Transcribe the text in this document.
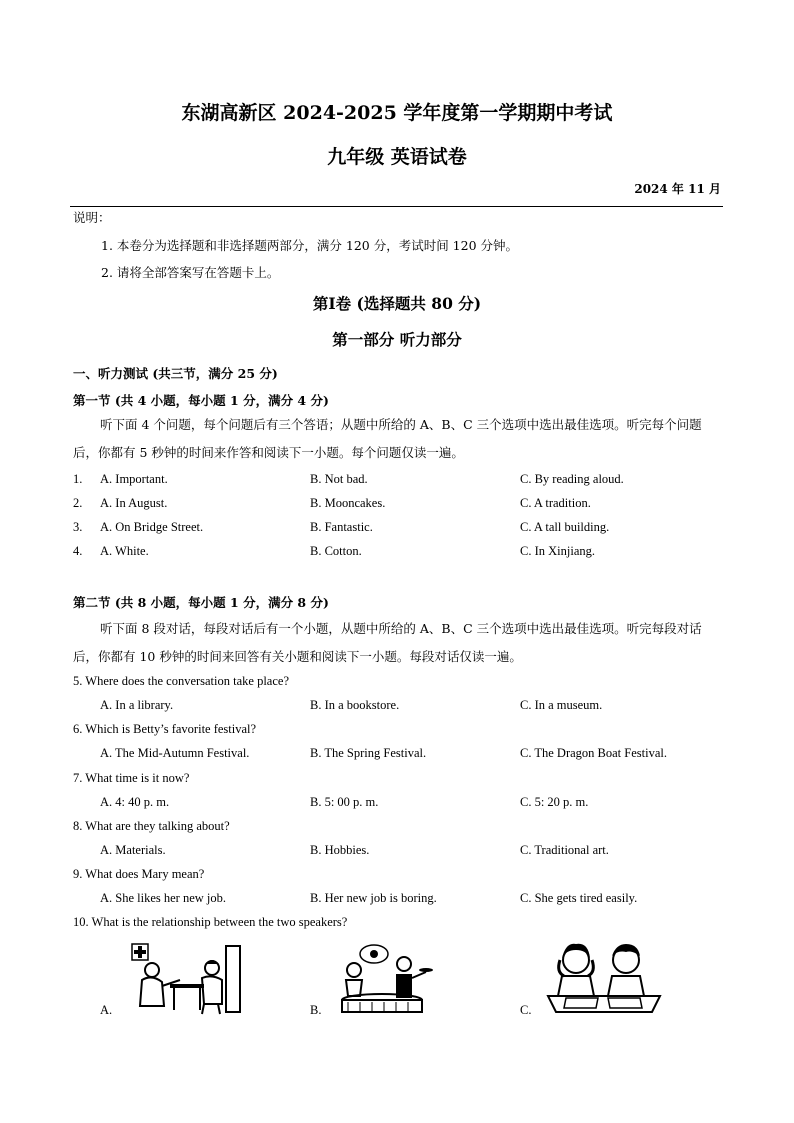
东湖高新区 2024-2025 学年度第一学期期中考试
九年级 英语试卷
2024 年 11 月
说明：
1. 本卷分为选择题和非选择题两部分，满分 120 分，考试时间 120 分钟。
2. 请将全部答案写在答题卡上。
第Ⅰ卷 (选择题共 80 分)
第一部分 听力部分
一、听力测试 (共三节，满分 25 分)
第一节 (共 4 小题，每小题 1 分，满分 4 分)
听下面 4 个问题，每个问题后有三个答语；从题中所给的 A、B、C 三个选项中选出最佳选项。听完每个问题后，你都有 5 秒钟的时间来作答和阅读下一小题。每个问题仅读一遍。
1. A. Important.	B. Not bad.	C. By reading aloud.
2. A. In August.	B. Mooncakes.	C. A tradition.
3. A. On Bridge Street.	B. Fantastic.	C. A tall building.
4. A. White.	B. Cotton.	C. In Xinjiang.
第二节 (共 8 小题，每小题 1 分，满分 8 分)
听下面 8 段对话，每段对话后有一个小题，从题中所给的 A、B、C 三个选项中选出最佳选项。听完每段对话后，你都有 10 秒钟的时间来回答有关小题和阅读下一小题。每段对话仅读一遍。
5. Where does the conversation take place?
A. In a library.	B. In a bookstore.	C. In a museum.
6. Which is Betty’s favorite festival?
A. The Mid-Autumn Festival.	B. The Spring Festival.	C. The Dragon Boat Festival.
7. What time is it now?
A. 4: 40 p. m.	B. 5: 00 p. m.	C. 5: 20 p. m.
8. What are they talking about?
A. Materials.	B. Hobbies.	C. Traditional art.
9. What does Mary mean?
A. She likes her new job.	B. Her new job is boring.	C. She gets tired easily.
10. What is the relationship between the two speakers?
A.	B.	C.
